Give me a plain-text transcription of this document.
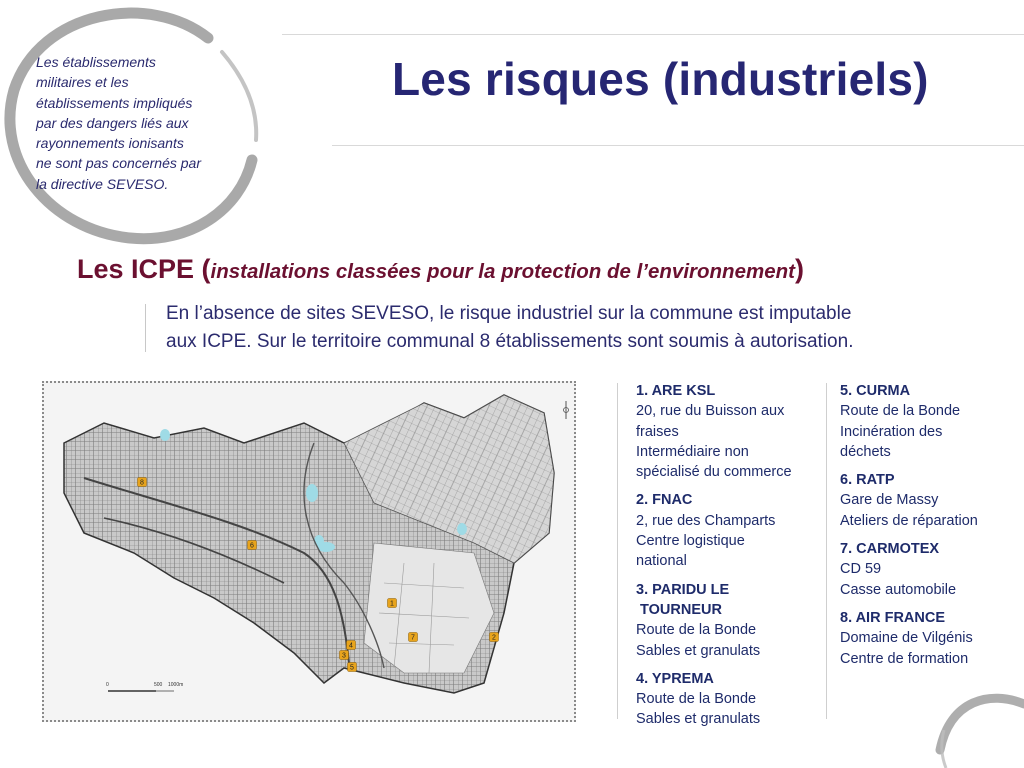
Les établissements
militaires et les
établissements impliqués
par des dangers liés aux
rayonnements ionisants
ne sont pas concernés par
la directive SEVESO.
Les risques (industriels)
Les ICPE (installations classées pour la protection de l’environnement)
En l’absence de sites SEVESO, le risque industriel sur la commune est imputable
aux ICPE. Sur le territoire communal 8 établissements sont soumis à autorisation.
0	500 1000m
1
2
3
4
5
6
7
8
1. ARE KSL
20, rue du Buisson aux
fraises
Intermédiaire non
spécialisé du commerce
2. FNAC
2, rue des Champarts
Centre logistique
national
3. PARIDU LE
TOURNEUR
Route de la Bonde
Sables et granulats
4. YPREMA
Route de la Bonde
Sables et granulats
5. CURMA
Route de la Bonde
Incinération des
déchets
6. RATP
Gare de Massy
Ateliers de réparation
7. CARMOTEX
CD 59
Casse automobile
8. AIR FRANCE
Domaine de Vilgénis
Centre de formation
